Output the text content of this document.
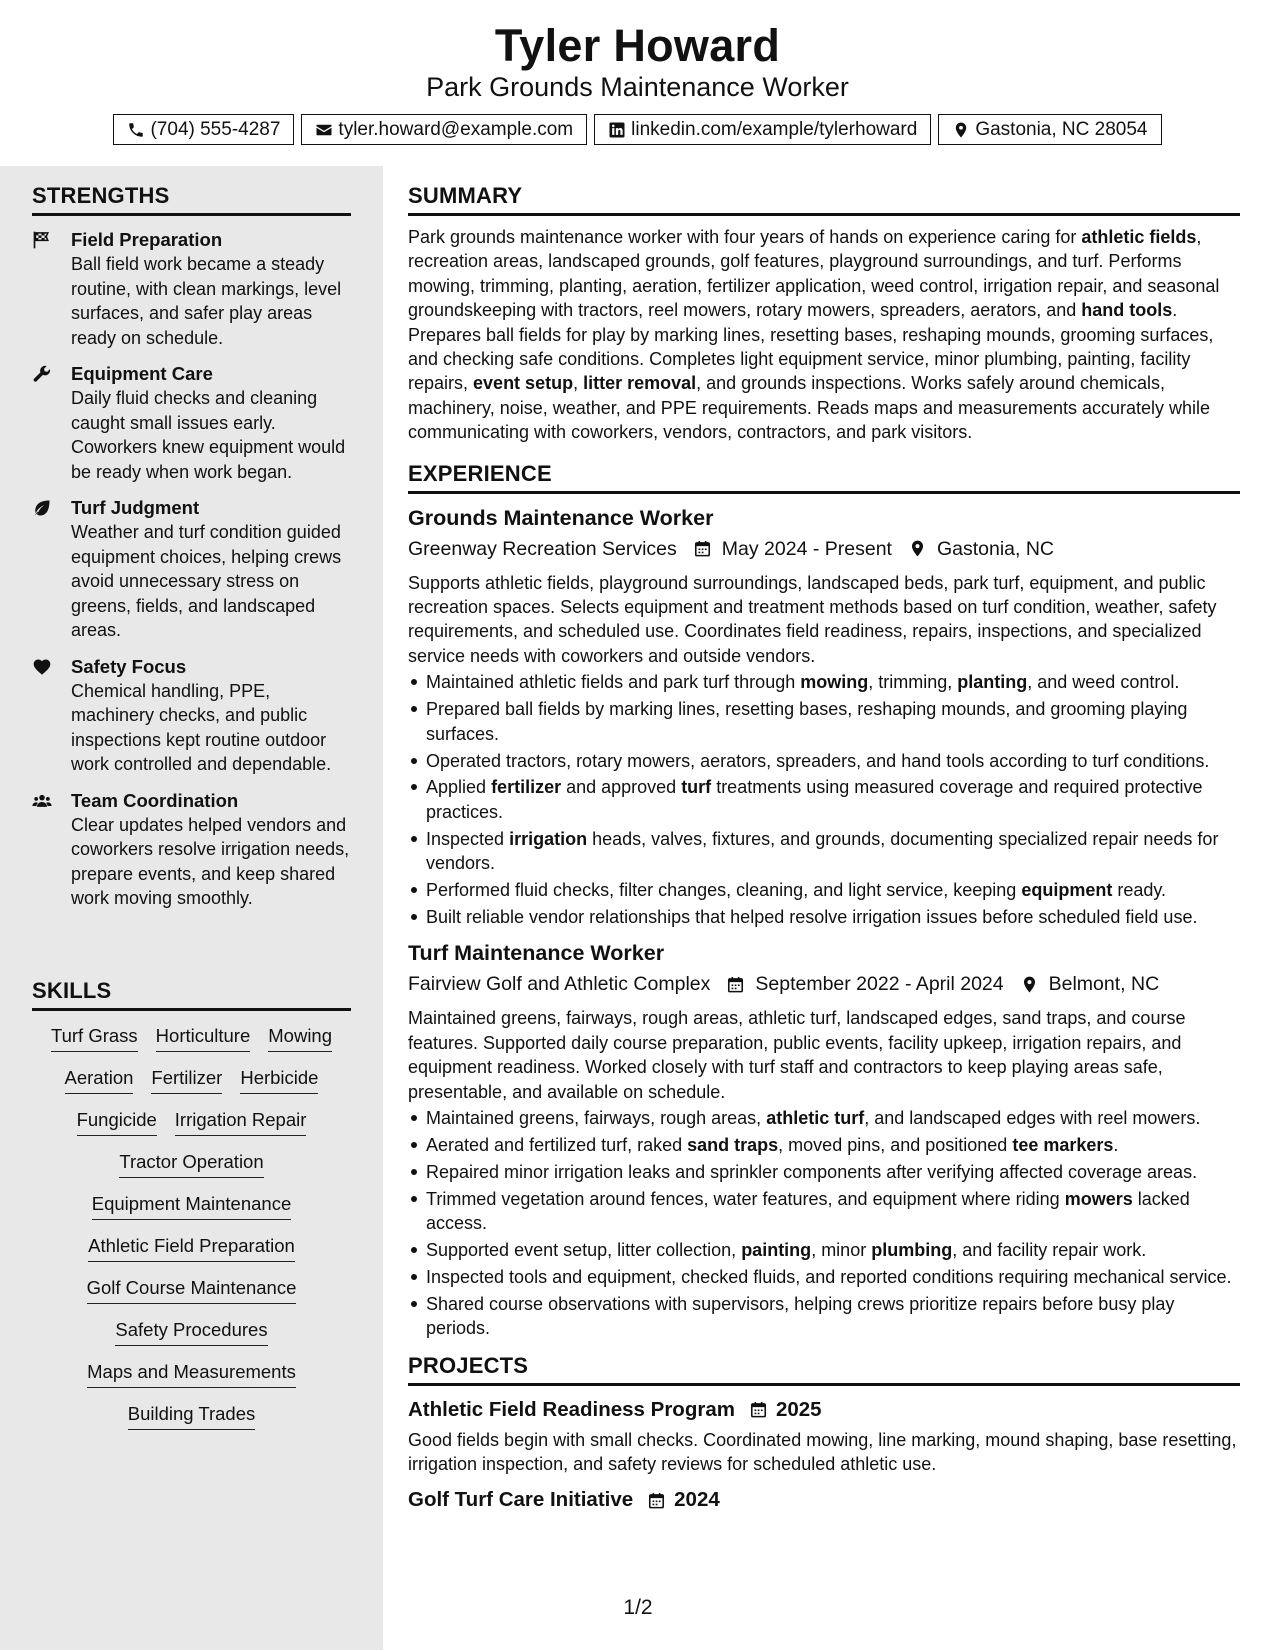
Tyler Howard
Park Grounds Maintenance Worker
(704) 555-4287	tyler.howard@example.com	linkedin.com/example/tylerhoward	Gastonia, NC 28054
STRENGTHS
Field Preparation
Ball field work became a steady routine, with clean markings, level surfaces, and safer play areas ready on schedule.
Equipment Care
Daily fluid checks and cleaning caught small issues early. Coworkers knew equipment would be ready when work began.
Turf Judgment
Weather and turf condition guided equipment choices, helping crews avoid unnecessary stress on greens, fields, and landscaped areas.
Safety Focus
Chemical handling, PPE, machinery checks, and public inspections kept routine outdoor work controlled and dependable.
Team Coordination
Clear updates helped vendors and coworkers resolve irrigation needs, prepare events, and keep shared work moving smoothly.
SKILLS
Turf Grass Horticulture Mowing
Aeration Fertilizer Herbicide
Fungicide Irrigation Repair
Tractor Operation
Equipment Maintenance
Athletic Field Preparation
Golf Course Maintenance
Safety Procedures
Maps and Measurements
Building Trades
SUMMARY

Park grounds maintenance worker with four years of hands on experience caring for athletic fields, recreation areas, landscaped grounds, golf features, playground surroundings, and turf. Performs mowing, trimming, planting, aeration, fertilizer application, weed control, irrigation repair, and seasonal groundskeeping with tractors, reel mowers, rotary mowers, spreaders, aerators, and hand tools. Prepares ball fields for play by marking lines, resetting bases, reshaping mounds, grooming surfaces, and checking safe conditions. Completes light equipment service, minor plumbing, painting, facility repairs, event setup, litter removal, and grounds inspections. Works safely around chemicals, machinery, noise, weather, and PPE requirements. Reads maps and measurements accurately while communicating with coworkers, vendors, contractors, and park visitors.

EXPERIENCE
Grounds Maintenance Worker
Greenway Recreation Services May 2024 - Present Gastonia, NC

Supports athletic fields, playground surroundings, landscaped beds, park turf, equipment, and public recreation spaces. Selects equipment and treatment methods based on turf condition, weather, safety requirements, and scheduled use. Coordinates field readiness, repairs, inspections, and specialized service needs with coworkers and outside vendors.

Maintained athletic fields and park turf through mowing, trimming, planting, and weed control.
Prepared ball fields by marking lines, resetting bases, reshaping mounds, and grooming playing surfaces.
Operated tractors, rotary mowers, aerators, spreaders, and hand tools according to turf conditions.
Applied fertilizer and approved turf treatments using measured coverage and required protective practices.
Inspected irrigation heads, valves, fixtures, and grounds, documenting specialized repair needs for vendors.
Performed fluid checks, filter changes, cleaning, and light service, keeping equipment ready.
Built reliable vendor relationships that helped resolve irrigation issues before scheduled field use.
Turf Maintenance Worker
Fairview Golf and Athletic Complex September 2022 - April 2024 Belmont, NC

Maintained greens, fairways, rough areas, athletic turf, landscaped edges, sand traps, and course features. Supported daily course preparation, public events, facility upkeep, irrigation repairs, and equipment readiness. Worked closely with turf staff and contractors to keep playing areas safe, presentable, and available on schedule.

Maintained greens, fairways, rough areas, athletic turf, and landscaped edges with reel mowers.
Aerated and fertilized turf, raked sand traps, moved pins, and positioned tee markers.
Repaired minor irrigation leaks and sprinkler components after verifying affected coverage areas.
Trimmed vegetation around fences, water features, and equipment where riding mowers lacked access.
Supported event setup, litter collection, painting, minor plumbing, and facility repair work.
Inspected tools and equipment, checked fluids, and reported conditions requiring mechanical service.
Shared course observations with supervisors, helping crews prioritize repairs before busy play periods.
PROJECTS
Athletic Field Readiness Program 2025

Good fields begin with small checks. Coordinated mowing, line marking, mound shaping, base resetting, irrigation inspection, and safety reviews for scheduled athletic use.

Golf Turf Care Initiative 2024
1/2
